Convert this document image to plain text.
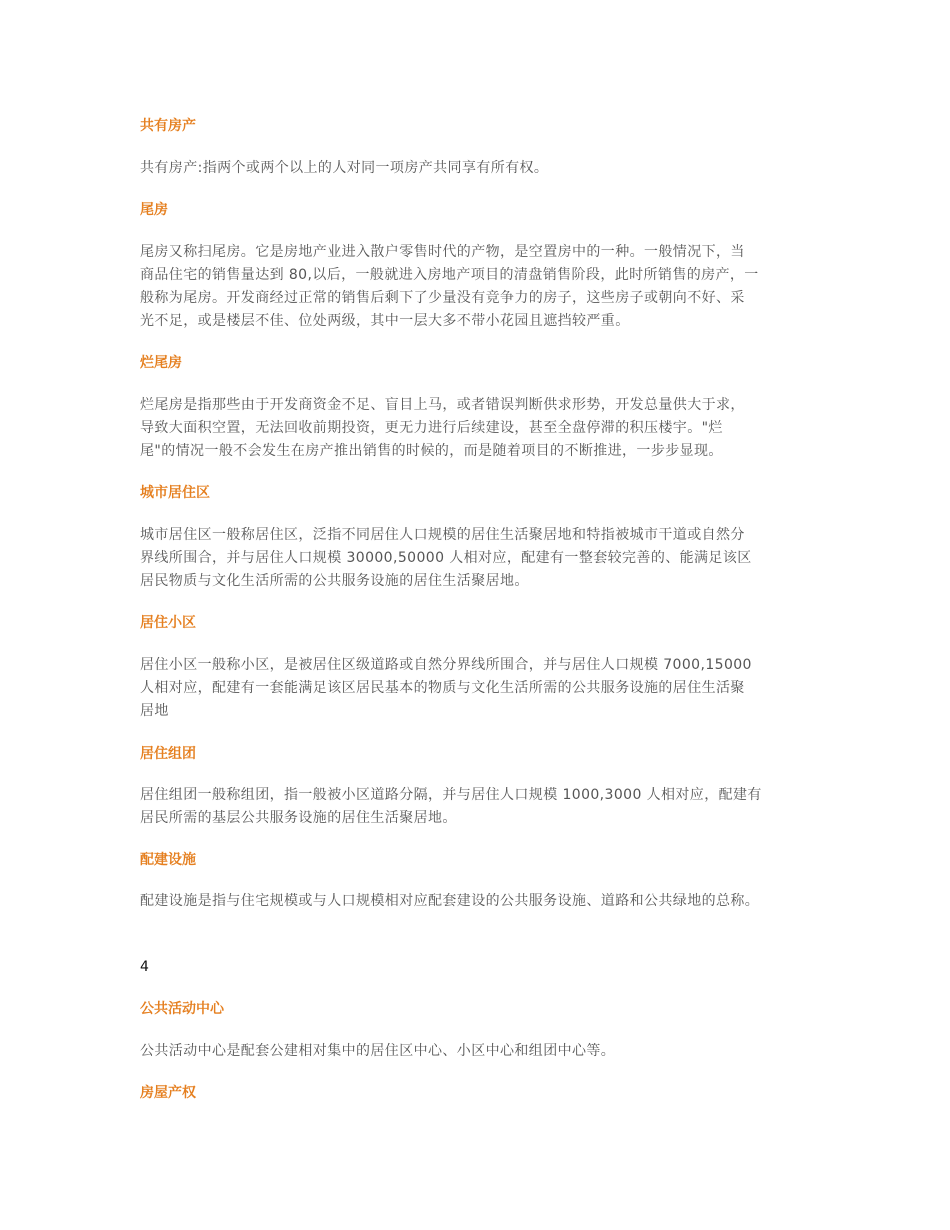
共有房产

共有房产:指两个或两个以上的人对同一项房产共同享有所有权。

尾房

尾房又称扫尾房。它是房地产业进入散户零售时代的产物，是空置房中的一种。一般情况下，当
商品住宅的销售量达到 80,以后，一般就进入房地产项目的清盘销售阶段，此时所销售的房产，一
般称为尾房。开发商经过正常的销售后剩下了少量没有竞争力的房子，这些房子或朝向不好、采
光不足，或是楼层不佳、位处两级，其中一层大多不带小花园且遮挡较严重。

烂尾房

烂尾房是指那些由于开发商资金不足、盲目上马，或者错误判断供求形势，开发总量供大于求，
导致大面积空置，无法回收前期投资，更无力进行后续建设，甚至全盘停滞的积压楼宇。"烂
尾"的情况一般不会发生在房产推出销售的时候的，而是随着项目的不断推进，一步步显现。

城市居住区

城市居住区一般称居住区，泛指不同居住人口规模的居住生活聚居地和特指被城市干道或自然分
界线所围合，并与居住人口规模 30000,50000 人相对应，配建有一整套较完善的、能满足该区
居民物质与文化生活所需的公共服务设施的居住生活聚居地。

居住小区

居住小区一般称小区，是被居住区级道路或自然分界线所围合，并与居住人口规模 7000,15000
人相对应，配建有一套能满足该区居民基本的物质与文化生活所需的公共服务设施的居住生活聚
居地

居住组团

居住组团一般称组团，指一般被小区道路分隔，并与居住人口规模 1000,3000 人相对应，配建有
居民所需的基层公共服务设施的居住生活聚居地。

配建设施

配建设施是指与住宅规模或与人口规模相对应配套建设的公共服务设施、道路和公共绿地的总称。

4
公共活动中心

公共活动中心是配套公建相对集中的居住区中心、小区中心和组团中心等。

房屋产权
